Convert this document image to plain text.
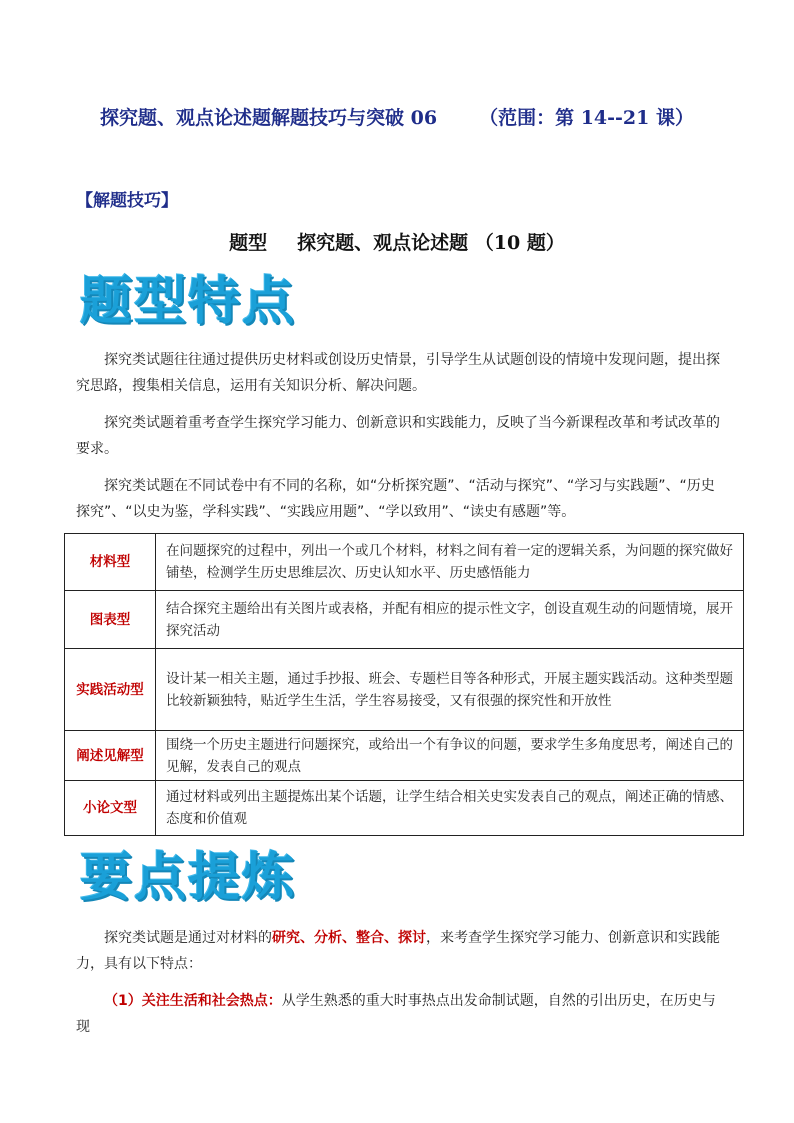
探究题、观点论述题解题技巧与突破 06 （范围：第 14--21 课）
【解题技巧】
题型 探究题、观点论述题 （10 题）
题型特点
探究类试题往往通过提供历史材料或创设历史情景，引导学生从试题创设的情境中发现问题，提出探究思路，搜集相关信息，运用有关知识分析、解决问题。
探究类试题着重考查学生探究学习能力、创新意识和实践能力，反映了当今新课程改革和考试改革的要求。
探究类试题在不同试卷中有不同的名称，如“分析探究题”、“活动与探究”、“学习与实践题”、“历史探究”、“以史为鉴，学科实践”、“实践应用题”、“学以致用”、“读史有感题”等。
材料型	在问题探究的过程中，列出一个或几个材料，材料之间有着一定的逻辑关系，为问题的探究做好铺垫，检测学生历史思维层次、历史认知水平、历史感悟能力
图表型	结合探究主题给出有关图片或表格，并配有相应的提示性文字，创设直观生动的问题情境，展开探究活动
实践活动型	设计某一相关主题，通过手抄报、班会、专题栏目等各种形式，开展主题实践活动。这种类型题比较新颖独特，贴近学生生活，学生容易接受，又有很强的探究性和开放性
阐述见解型	围绕一个历史主题进行问题探究，或给出一个有争议的问题，要求学生多角度思考，阐述自己的见解，发表自己的观点
小论文型	通过材料或列出主题提炼出某个话题，让学生结合相关史实发表自己的观点，阐述正确的情感、态度和价值观
要点提炼
探究类试题是通过对材料的研究、分析、整合、探讨，来考查学生探究学习能力、创新意识和实践能力，具有以下特点：
（1）关注生活和社会热点：从学生熟悉的重大时事热点出发命制试题，自然的引出历史，在历史与现
